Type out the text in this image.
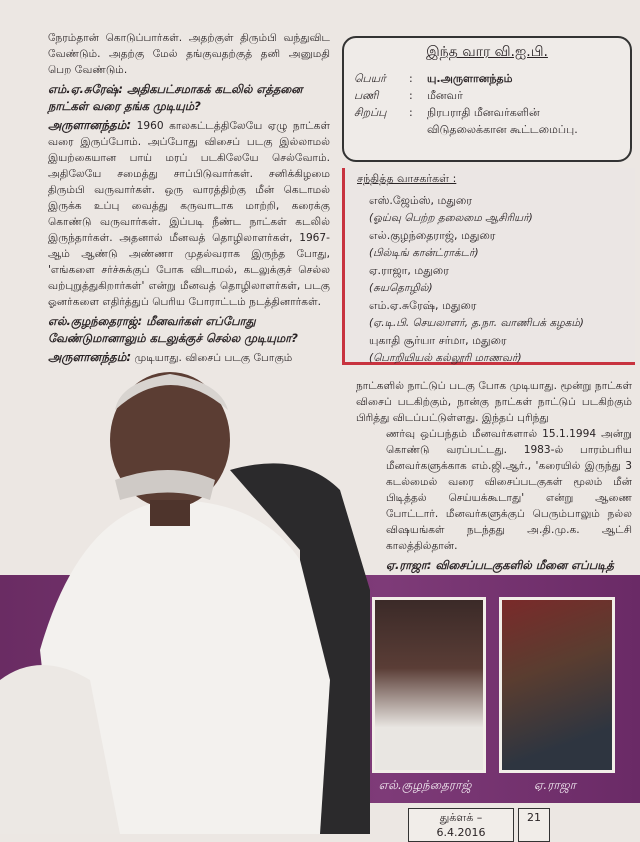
நேரம்தான் கொடுப்பார்கள். அதற்குள் திரும்பி வந்துவிட வேண்டும். அதற்கு மேல் தங்குவதற்குத் தனி அனுமதி பெற வேண்டும்.

எம்.ஏ.சுரேஷ்: அதிகபட்சமாகக் கடலில் எத்தனை நாட்கள் வரை தங்க முடியும்?

அருளானந்தம்: 1960 காலகட்டத்திலேயே ஏழு நாட்கள் வரை இருப்போம். அப்போது விசைப் படகு இல்லாமல் இயற்கையான பாய் மரப் படகிலேயே செல்வோம். அதிலேயே சமைத்து சாப்பிடுவார்கள். சனிக்கிழமை திரும்பி வருவார்கள். ஒரு வாரத்திற்கு மீன் கெடாமல் இருக்க உப்பு வைத்து கருவாடாக மாற்றி, கரைக்கு கொண்டு வருவார்கள். இப்படி நீண்ட நாட்கள் கடலில் இருந்தார்கள். அதனால் மீனவத் தொழிலாளர்கள், 1967-ஆம் ஆண்டு அண்ணா முதல்வராக இருந்த போது, 'எங்களை சர்ச்சுக்குப் போக விடாமல், கடலுக்குச் செல்ல வற்புறுத்துகிறார்கள்' என்று மீனவத் தொழிலாளர்கள், படகு ஓனர்களை எதிர்த்துப் பெரிய போராட்டம் நடத்தினார்கள்.

எல்.குழந்தைராஜ்: மீனவர்கள் எப்போது வேண்டுமானாலும் கடலுக்குச் செல்ல முடியுமா?

அருளானந்தம்: முடியாது. விசைப் படகு போகும்

இந்த வார வி.ஐ.பி.
பெயர்	:	யு.அருளானந்தம்
பணி	:	மீனவர்
சிறப்பு	:	நிரபராதி மீனவர்களின் விடுதலைக்கான கூட்டமைப்பு.
சந்தித்த வாசகர்கள் :
எஸ்.ஜேம்ஸ், மதுரை
(ஓய்வு பெற்ற தலைமை ஆசிரியர்)
எல்.குழந்தைராஜ், மதுரை
(பில்டிங் கான்ட்ராக்டர்)
ஏ.ராஜா, மதுரை
(சுயதொழில்)
எம்.ஏ.சுரேஷ், மதுரை
(ஏ.டி.பி. செயலாளர், த.நா. வாணிபக் கழகம்)
யுகாதி சூர்யா சர்மா, மதுரை
(பொறியியல் கல்லூரி மாணவர்)

நாட்களில் நாட்டுப் படகு போக முடியாது. மூன்று நாட்கள் விசைப் படகிற்கும், நான்கு நாட்கள் நாட்டுப் படகிற்கும் பிரித்து விடப்பட்டுள்ளது. இந்தப் புரிந்து

ணர்வு ஒப்பந்தம் மீனவர்களால் 15.1.1994 அன்று கொண்டு வரப்பட்டது. 1983-ல் பாரம்பரிய மீனவர்களுக்காக எம்.ஜி.ஆர்., 'கரையில் இருந்து 3 கடல்மைல் வரை விசைப்படகுகள் மூலம் மீன் பிடித்தல் செய்யக்கூடாது' என்று ஆணை போட்டார். மீனவர்களுக்குப் பெரும்பாலும் நல்ல விஷயங்கள் நடந்தது அ.தி.மு.க. ஆட்சி காலத்தில்தான்.

ஏ.ராஜா: விசைப்படகுகளில் மீனை எப்படித்

எல்.குழந்தைராஜ்	ஏ.ராஜா
துக்ளக் – 6.4.2016
21
